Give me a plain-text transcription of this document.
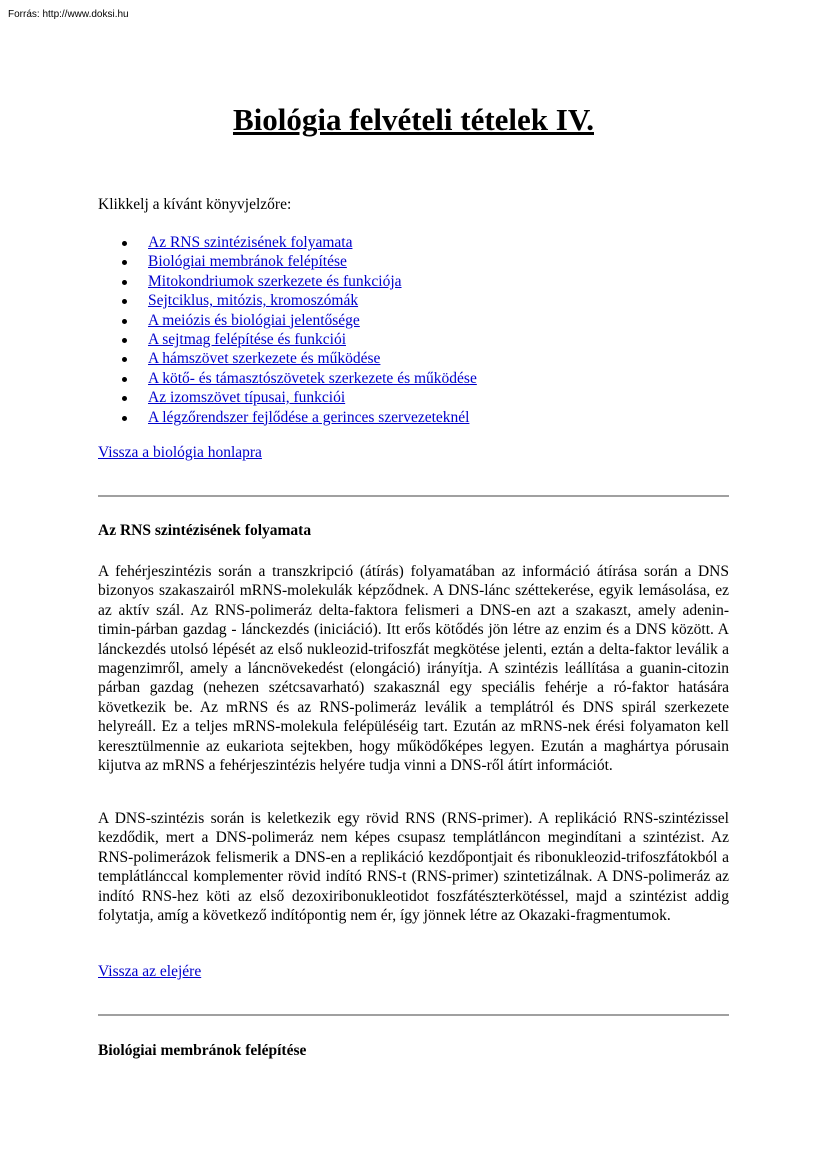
Forrás: http://www.doksi.hu
Biológia felvételi tételek IV.

Klikkelj a kívánt könyvjelzőre:

Az RNS szintézisének folyamata
Biológiai membránok felépítése
Mitokondriumok szerkezete és funkciója
Sejtciklus, mitózis, kromoszómák
A meiózis és biológiai jelentősége
A sejtmag felépítése és funkciói
A hámszövet szerkezete és működése
A kötő- és támasztószövetek szerkezete és működése
Az izomszövet típusai, funkciói
A légzőrendszer fejlődése a gerinces szervezeteknél
Vissza a biológia honlapra

Az RNS szintézisének folyamata

A fehérjeszintézis során a transzkripció (átírás) folyamatában az információ átírása során a DNS bizonyos szakaszairól mRNS-molekulák képződnek. A DNS-lánc széttekerése, egyik lemásolása, ez az aktív szál. Az RNS-polimeráz delta-faktora felismeri a DNS-en azt a szakaszt, amely adenin-timin-párban gazdag - lánckezdés (iniciáció). Itt erős kötődés jön létre az enzim és a DNS között. A lánckezdés utolsó lépését az első nukleozid-trifoszfát megkötése jelenti, eztán a delta-faktor leválik a magenzimről, amely a láncnövekedést (elongáció) irányítja. A szintézis leállítása a guanin-citozin párban gazdag (nehezen szétcsavarható) szakasznál egy speciális fehérje a ró-faktor hatására következik be. Az mRNS és az RNS-polimeráz leválik a templátról és DNS spirál szerkezete helyreáll. Ez a teljes mRNS-molekula felépüléséig tart. Ezután az mRNS-nek érési folyamaton kell keresztülmennie az eukariota sejtekben, hogy működőképes legyen. Ezután a maghártya pórusain kijutva az mRNS a fehérjeszintézis helyére tudja vinni a DNS-ről átírt információt.

A DNS-szintézis során is keletkezik egy rövid RNS (RNS-primer). A replikáció RNS-szintézissel kezdődik, mert a DNS-polimeráz nem képes csupasz templátláncon megindítani a szintézist. Az RNS-polimerázok felismerik a DNS-en a replikáció kezdőpontjait és ribonukleozid-trifoszfátokból a templátlánccal komplementer rövid indító RNS-t (RNS-primer) szintetizálnak. A DNS-polimeráz az indító RNS-hez köti az első dezoxiribonukleotidot foszfátészterkötéssel, majd a szintézist addig folytatja, amíg a következő indítópontig nem ér, így jönnek létre az Okazaki-fragmentumok.

Vissza az elejére

Biológiai membránok felépítése
